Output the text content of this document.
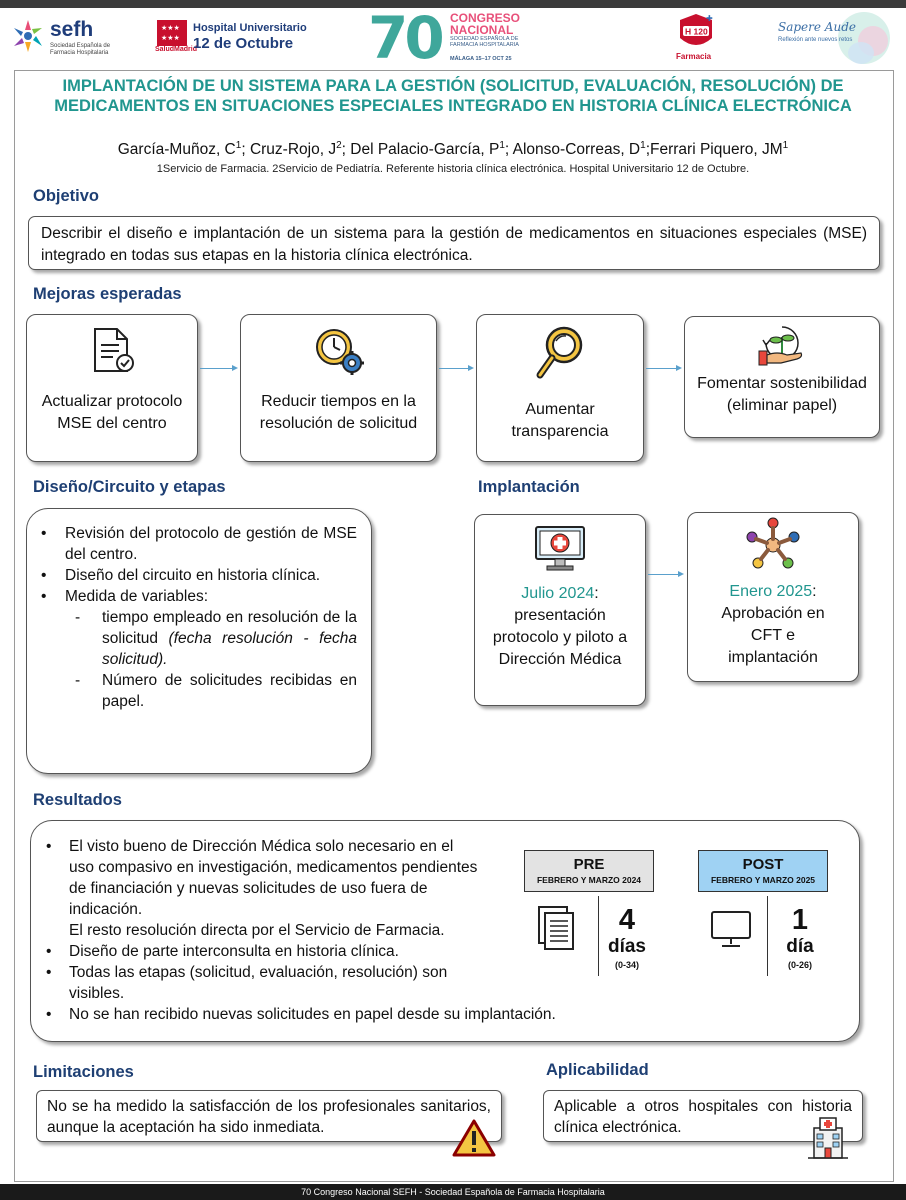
sefh
Sociedad Española de Farmacia Hospitalaria
★★★
★★★
SaludMadrid
Hospital Universitario
12 de Octubre 70 CONGRESO
NACIONAL
SOCIEDAD ESPAÑOLA DE FARMACIA HOSPITALARIA
MÁLAGA 15–17 OCT 25
H 120
✚
Farmacia
Sapere Aude
Reflexión ante nuevos retos
IMPLANTACIÓN DE UN SISTEMA PARA LA GESTIÓN (SOLICITUD, EVALUACIÓN, RESOLUCIÓN) DE MEDICAMENTOS EN SITUACIONES ESPECIALES INTEGRADO EN HISTORIA CLÍNICA ELECTRÓNICA
García-Muñoz, $C^1$; Cruz-Rojo, $J^2$; Del Palacio-García, $P^1$; Alonso-Correas, $D^1;Ferrari$ Piquero, $JM^1$
1Servicio de Farmacia. 2Servicio de Pediatría. Referente historia clínica electrónica. Hospital Universitario 12 de Octubre.
Objetivo
Describir el diseño e implantación de un sistema para la gestión de medicamentos en situaciones especiales (MSE) integrado en todas sus etapas en la historia clínica electrónica.
Mejoras esperadas
Actualizar protocolo MSE del centro
Reducir tiempos en la resolución de solicitud
Aumentar transparencia
Fomentar sostenibilidad (eliminar papel)
Diseño/Circuito y etapas
• Revisión del protocolo de gestión de MSE del centro.
• Diseño del circuito en historia clínica.
• Medida de variables:
- tiempo empleado en resolución de la solicitud (fecha resolución - fecha solicitud).
- Número de solicitudes recibidas en papel.
Implantación
Julio 2024:
presentación protocolo y piloto a Dirección Médica
Enero 2025:
Aprobación en CFT e implantación
Resultados
• El visto bueno de Dirección Médica solo necesario en el uso compasivo en investigación, medicamentos pendientes de financiación y nuevas solicitudes de uso fuera de indicación.
El resto resolución directa por el Servicio de Farmacia.
• Diseño de parte interconsulta en historia clínica.
• Todas las etapas (solicitud, evaluación, resolución) son visibles.
• No se han recibido nuevas solicitudes en papel desde su implantación.
PRE
FEBRERO Y MARZO 2024
4
días
(0-34)
POST
FEBRERO Y MARZO 2025
1
día
(0-26)
Limitaciones
No se ha medido la satisfacción de los profesionales sanitarios, aunque la aceptación ha sido inmediata.
Aplicabilidad
Aplicable a otros hospitales con historia clínica electrónica.
70 Congreso Nacional SEFH - Sociedad Española de Farmacia Hospitalaria
